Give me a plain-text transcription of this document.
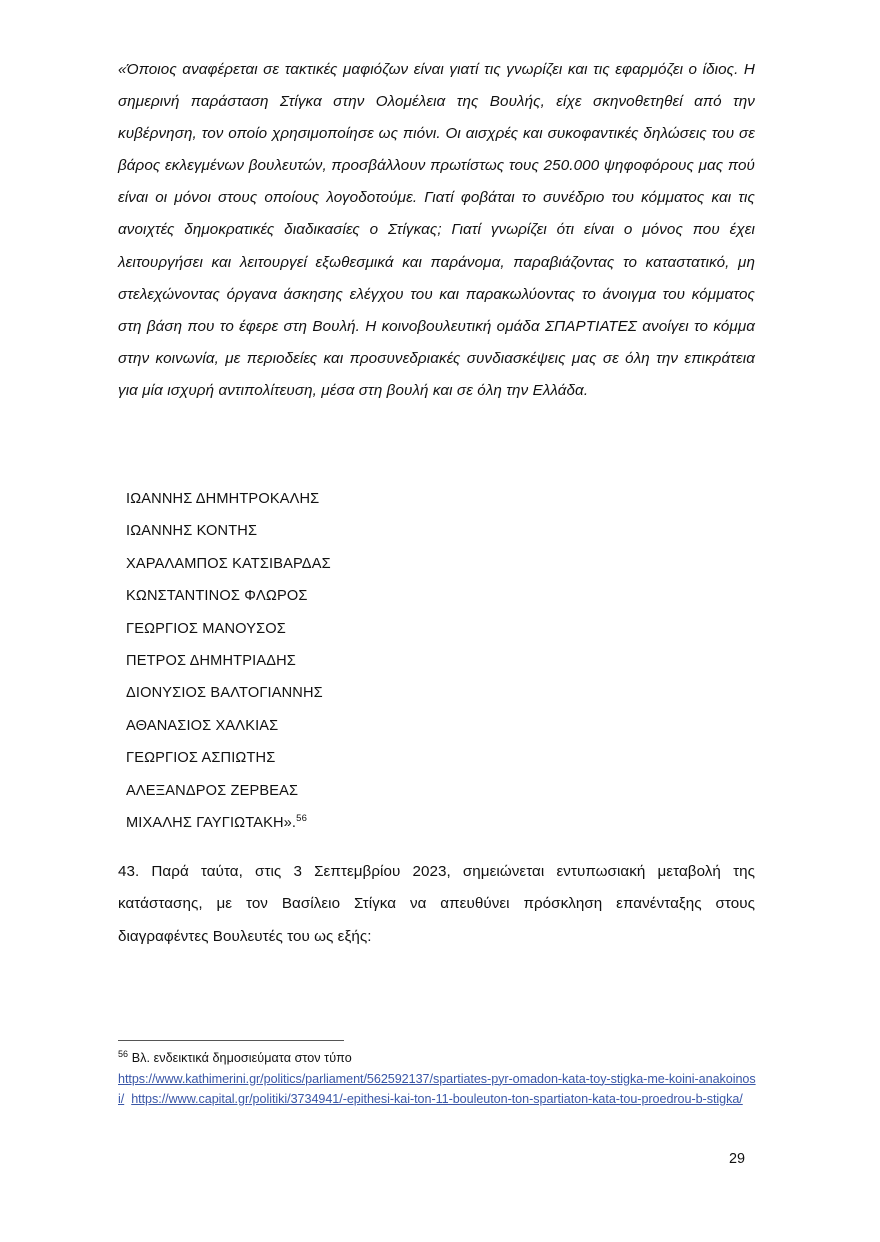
«Όποιος αναφέρεται σε τακτικές μαφιόζων είναι γιατί τις γνωρίζει και τις εφαρμόζει ο ίδιος. Η σημερινή παράσταση Στίγκα στην Ολομέλεια της Βουλής, είχε σκηνοθετηθεί από την κυβέρνηση, τον οποίο χρησιμοποίησε ως πιόνι. Οι αισχρές και συκοφαντικές δηλώσεις του σε βάρος εκλεγμένων βουλευτών, προσβάλλουν πρωτίστως τους 250.000 ψηφοφόρους μας πού είναι οι μόνοι στους οποίους λογοδοτούμε. Γιατί φοβάται το συνέδριο του κόμματος και τις ανοιχτές δημοκρατικές διαδικασίες ο Στίγκας; Γιατί γνωρίζει ότι είναι ο μόνος που έχει λειτουργήσει και λειτουργεί εξωθεσμικά και παράνομα, παραβιάζοντας το καταστατικό, μη στελεχώνοντας όργανα άσκησης ελέγχου του και παρακωλύοντας το άνοιγμα του κόμματος στη βάση που το έφερε στη Βουλή. Η κοινοβουλευτική ομάδα ΣΠΑΡΤΙΑΤΕΣ ανοίγει το κόμμα στην κοινωνία, με περιοδείες και προσυνεδριακές συνδιασκέψεις μας σε όλη την επικράτεια για μία ισχυρή αντιπολίτευση, μέσα στη βουλή και σε όλη την Ελλάδα.

ΙΩΑΝΝΗΣ ΔΗΜΗΤΡΟΚΑΛΗΣ
ΙΩΑΝΝΗΣ ΚΟΝΤΗΣ
ΧΑΡΑΛΑΜΠΟΣ ΚΑΤΣΙΒΑΡΔΑΣ
ΚΩΝΣΤΑΝΤΙΝΟΣ ΦΛΩΡΟΣ
ΓΕΩΡΓΙΟΣ ΜΑΝΟΥΣΟΣ
ΠΕΤΡΟΣ ΔΗΜΗΤΡΙΑΔΗΣ
ΔΙΟΝΥΣΙΟΣ ΒΑΛΤΟΓΙΑΝΝΗΣ
ΑΘΑΝΑΣΙΟΣ ΧΑΛΚΙΑΣ
ΓΕΩΡΓΙΟΣ ΑΣΠΙΩΤΗΣ
ΑΛΕΞΑΝΔΡΟΣ ΖΕΡΒΕΑΣ
ΜΙΧΑΛΗΣ ΓΑΥΓΙΩΤΑΚΗ».$^{56}$

43. Παρά ταύτα, στις 3 Σεπτεμβρίου 2023, σημειώνεται εντυπωσιακή μεταβολή της κατάστασης, με τον Βασίλειο Στίγκα να απευθύνει πρόσκληση επανένταξης στους διαγραφέντες Βουλευτές του ως εξής:

$^{56}$ Βλ. ενδεικτικά δημοσιεύματα στον τύπο
https://www.kathimerini.gr/politics/parliament/562592137/spartiates-pyr-omadon-kata-toy-stigka-me-koini-anakoinosi/ https://www.capital.gr/politiki/3734941/-epithesi-kai-ton-11-bouleuton-ton-spartiaton-kata-tou-proedrou-b-stigka/
29
